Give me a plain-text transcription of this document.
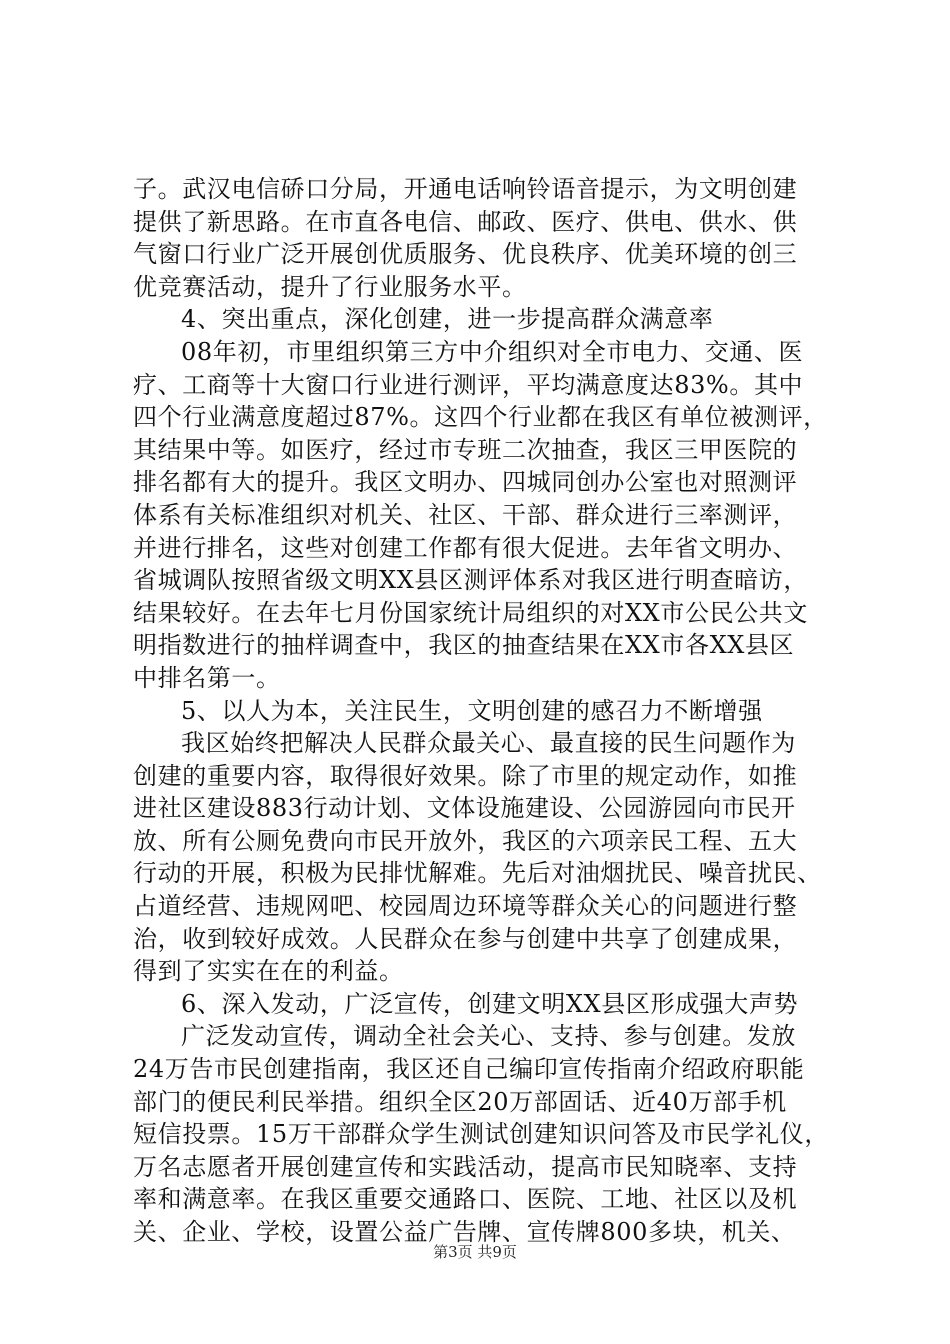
子。武汉电信硚口分局，开通电话响铃语音提示，为文明创建
提供了新思路。在市直各电信、邮政、医疗、供电、供水、供
气窗口行业广泛开展创优质服务、优良秩序、优美环境的创三
优竞赛活动，提升了行业服务水平。
4、突出重点，深化创建，进一步提高群众满意率
08年初，市里组织第三方中介组织对全市电力、交通、医
疗、工商等十大窗口行业进行测评，平均满意度达83%。其中
四个行业满意度超过87%。这四个行业都在我区有单位被测评，
其结果中等。如医疗，经过市专班二次抽查，我区三甲医院的
排名都有大的提升。我区文明办、四城同创办公室也对照测评
体系有关标准组织对机关、社区、干部、群众进行三率测评，
并进行排名，这些对创建工作都有很大促进。去年省文明办、
省城调队按照省级文明XX县区测评体系对我区进行明查暗访，
结果较好。在去年七月份国家统计局组织的对XX市公民公共文
明指数进行的抽样调查中，我区的抽查结果在XX市各XX县区
中排名第一。
5、以人为本，关注民生，文明创建的感召力不断增强
我区始终把解决人民群众最关心、最直接的民生问题作为
创建的重要内容，取得很好效果。除了市里的规定动作，如推
进社区建设883行动计划、文体设施建设、公园游园向市民开
放、所有公厕免费向市民开放外，我区的六项亲民工程、五大
行动的开展，积极为民排忧解难。先后对油烟扰民、噪音扰民、
占道经营、违规网吧、校园周边环境等群众关心的问题进行整
治，收到较好成效。人民群众在参与创建中共享了创建成果，
得到了实实在在的利益。
6、深入发动，广泛宣传，创建文明XX县区形成强大声势
广泛发动宣传，调动全社会关心、支持、参与创建。发放
24万告市民创建指南，我区还自己编印宣传指南介绍政府职能
部门的便民利民举措。组织全区20万部固话、近40万部手机
短信投票。15万干部群众学生测试创建知识问答及市民学礼仪，
万名志愿者开展创建宣传和实践活动，提高市民知晓率、支持
率和满意率。在我区重要交通路口、医院、工地、社区以及机
关、企业、学校，设置公益广告牌、宣传牌800多块，机关、
第3页 共9页
